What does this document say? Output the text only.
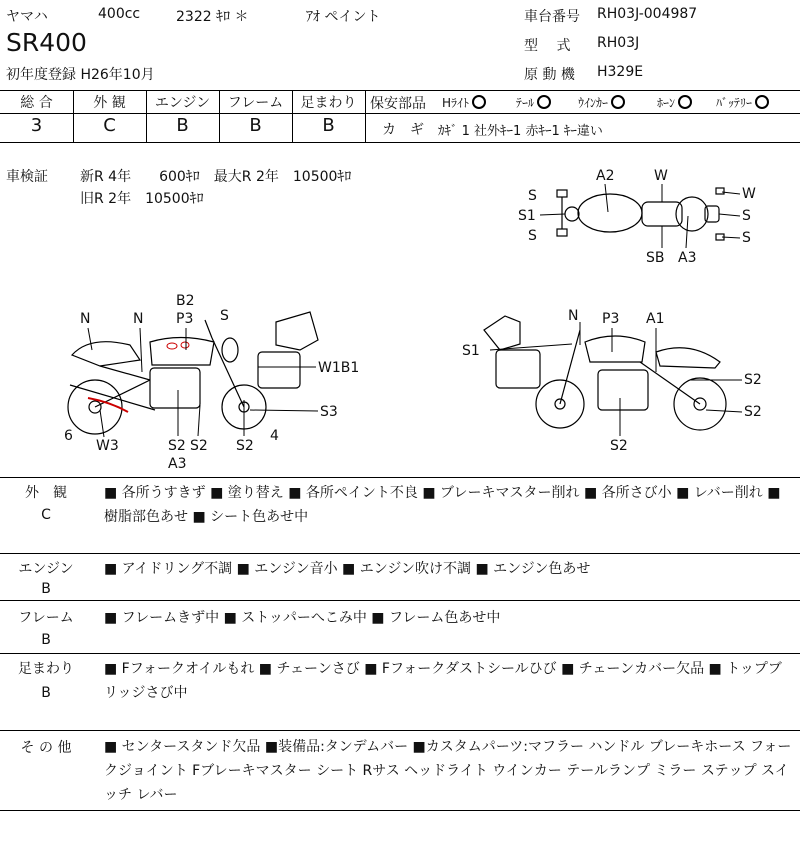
ヤマハ	400cc	2322 ｷﾛ ＊	ｱｵ ペイント
SR400
初年度登録 H26年10月
車台番号 RH03J-004987
型　 式 RH03J
原 動 機 H329E
総 合	外 観	エンジン	フレーム	足まわり
3	C	B	B	B
保安部品 Hﾗｲﾄ	ﾃｰﾙ	ｳｲﾝｶｰ	ﾎｰﾝ	ﾊﾞｯﾃﾘｰ
カ　ギ ｶｷﾞ 1 社外ｷｰ1 赤ｷｰ1 ｷｰ違い
車検証 新R 4年　　600ｷﾛ　最大R 2年　10500ｷﾛ
旧R 2年　10500ｷﾛ
A2	W
S
S1
S
W
S
S
SB A3
B2
P3 S
N	N
W1B1
S3
6
W3	S2 S2
A3
S2
4
N P3 A1
S1
S2
S2
S2
外　観
C
■ 各所うすきず ■ 塗り替え ■ 各所ペイント不良 ■ ブレーキマスター削れ ■ 各所さび小 ■ レバー削れ ■ 樹脂部色あせ ■ シート色あせ中
エンジン
B
■ アイドリング不調 ■ エンジン音小 ■ エンジン吹け不調 ■ エンジン色あせ
フレーム
B
■ フレームきず中 ■ ストッパーへこみ中 ■ フレーム色あせ中
足まわり
B
■ Fフォークオイルもれ ■ チェーンさび ■ Fフォークダストシールひび ■ チェーンカバー欠品 ■ トップブリッジさび中
そ の 他	■ センタースタンド欠品 ■装備品:タンデムバー ■カスタムパーツ:マフラー ハンドル ブレーキホース フォークジョイント Fブレーキマスター シート Rサス ヘッドライト ウインカー テールランプ ミラー ステップ スイッチ レバー
